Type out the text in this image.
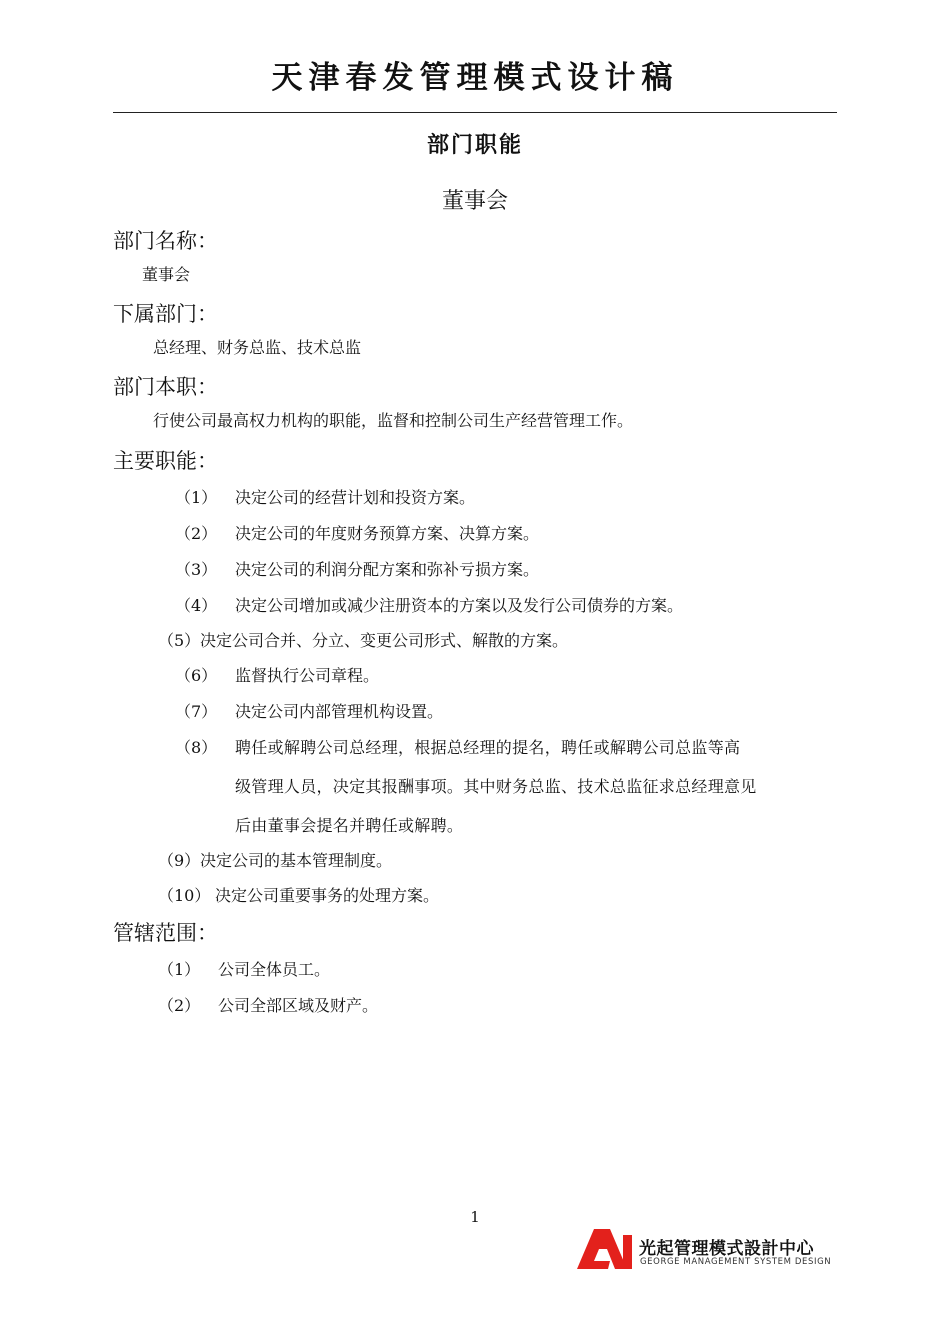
天津春发管理模式设计稿
部门职能
董事会
部门名称：
董事会
下属部门：
总经理、财务总监、技术总监
部门本职：
行使公司最高权力机构的职能，监督和控制公司生产经营管理工作。
主要职能：
（1） 决定公司的经营计划和投资方案。
（2） 决定公司的年度财务预算方案、决算方案。
（3） 决定公司的利润分配方案和弥补亏损方案。
（4） 决定公司增加或减少注册资本的方案以及发行公司债券的方案。
（5） 决定公司合并、分立、变更公司形式、解散的方案。
（6） 监督执行公司章程。
（7） 决定公司内部管理机构设置。
（8） 聘任或解聘公司总经理，根据总经理的提名，聘任或解聘公司总监等高
级管理人员，决定其报酬事项。其中财务总监、技术总监征求总经理意见
后由董事会提名并聘任或解聘。
（9） 决定公司的基本管理制度。
（10） 决定公司重要事务的处理方案。
管辖范围：
（1） 公司全体员工。
（2） 公司全部区域及财产。
1
光起管理模式設計中心
GEORGE MANAGEMENT SYSTEM DESIGN
